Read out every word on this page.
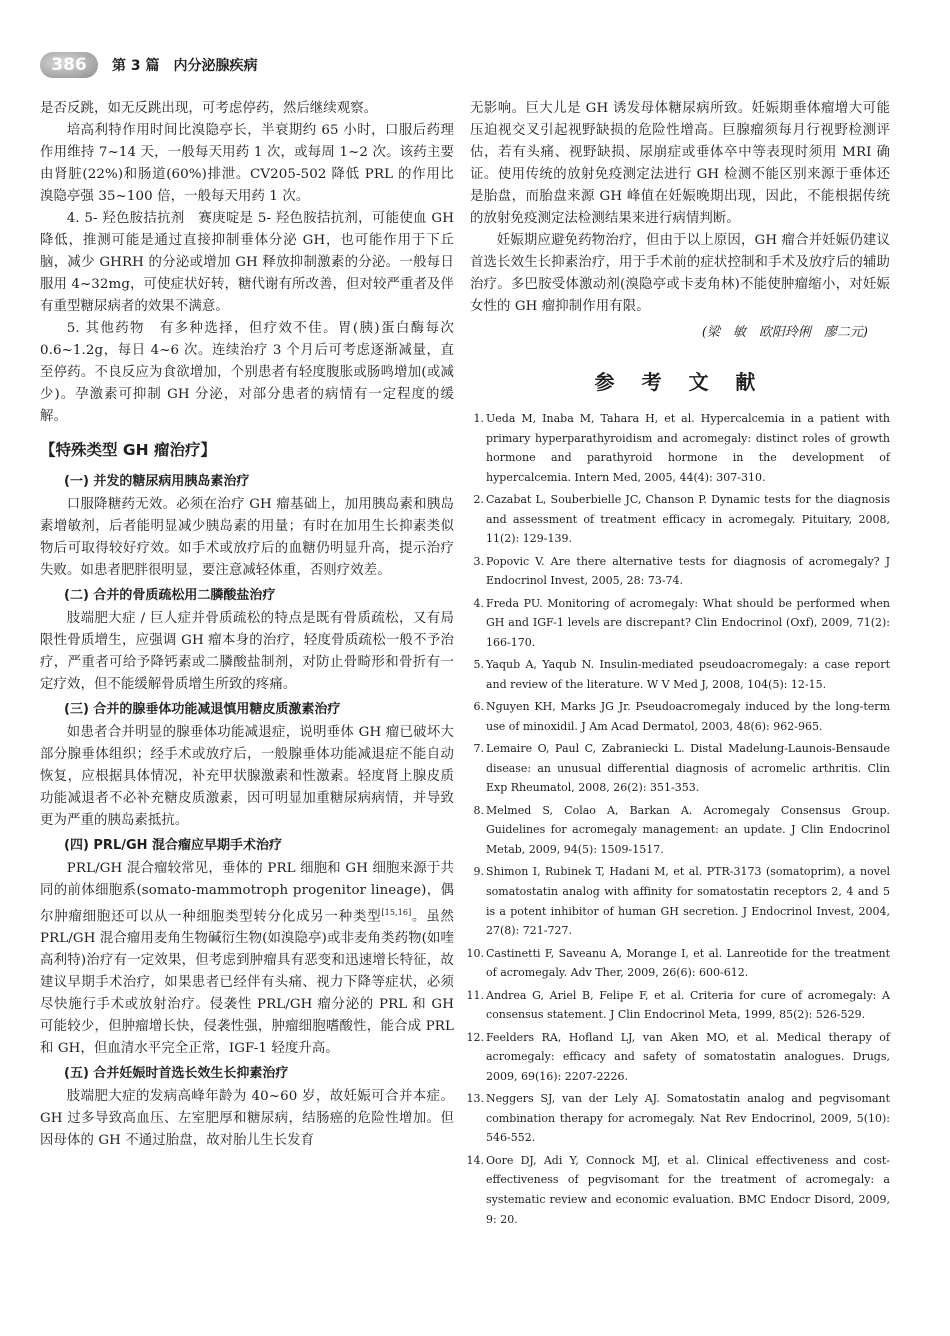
386	第 3 篇　内分泌腺疾病

是否反跳，如无反跳出现，可考虑停药，然后继续观察。

培高利特作用时间比溴隐亭长，半衰期约 65 小时，口服后药理作用维持 7~14 天，一般每天用药 1 次，或每周 1~2 次。该药主要由肾脏(22%)和肠道(60%)排泄。CV205-502 降低 PRL 的作用比溴隐亭强 35~100 倍，一般每天用药 1 次。

4. 5- 羟色胺拮抗剂　赛庚啶是 5- 羟色胺拮抗剂，可能使血 GH 降低，推测可能是通过直接抑制垂体分泌 GH，也可能作用于下丘脑，减少 GHRH 的分泌或增加 GH 释放抑制激素的分泌。一般每日服用 4~32mg，可使症状好转，糖代谢有所改善，但对较严重者及伴有重型糖尿病者的效果不满意。

5. 其他药物　有多种选择，但疗效不佳。胃(胰)蛋白酶每次 0.6~1.2g，每日 4~6 次。连续治疗 3 个月后可考虑逐渐减量，直至停药。不良反应为食欲增加，个别患者有轻度腹胀或肠鸣增加(或减少)。孕激素可抑制 GH 分泌，对部分患者的病情有一定程度的缓解。

【特殊类型 GH 瘤治疗】
(一) 并发的糖尿病用胰岛素治疗

口服降糖药无效。必须在治疗 GH 瘤基础上，加用胰岛素和胰岛素增敏剂，后者能明显减少胰岛素的用量；有时在加用生长抑素类似物后可取得较好疗效。如手术或放疗后的血糖仍明显升高，提示治疗失败。如患者肥胖很明显，要注意减轻体重，否则疗效差。

(二) 合并的骨质疏松用二膦酸盐治疗

肢端肥大症 / 巨人症并骨质疏松的特点是既有骨质疏松，又有局限性骨质增生，应强调 GH 瘤本身的治疗，轻度骨质疏松一般不予治疗，严重者可给予降钙素或二膦酸盐制剂，对防止骨畸形和骨折有一定疗效，但不能缓解骨质增生所致的疼痛。

(三) 合并的腺垂体功能减退慎用糖皮质激素治疗

如患者合并明显的腺垂体功能减退症，说明垂体 GH 瘤已破坏大部分腺垂体组织；经手术或放疗后，一般腺垂体功能减退症不能自动恢复，应根据具体情况，补充甲状腺激素和性激素。轻度肾上腺皮质功能减退者不必补充糖皮质激素，因可明显加重糖尿病病情，并导致更为严重的胰岛素抵抗。

(四) PRL/GH 混合瘤应早期手术治疗

PRL/GH 混合瘤较常见，垂体的 PRL 细胞和 GH 细胞来源于共同的前体细胞系(somato-mammotroph progenitor lineage)，偶尔肿瘤细胞还可以从一种细胞类型转分化成另一种类型[15,16]。虽然 PRL/GH 混合瘤用麦角生物碱衍生物(如溴隐亭)或非麦角类药物(如喹高利特)治疗有一定效果，但考虑到肿瘤具有恶变和迅速增长特征，故建议早期手术治疗，如果患者已经伴有头痛、视力下降等症状，必须尽快施行手术或放射治疗。侵袭性 PRL/GH 瘤分泌的 PRL 和 GH 可能较少，但肿瘤增长快，侵袭性强，肿瘤细胞嗜酸性，能合成 PRL 和 GH，但血清水平完全正常，IGF-1 轻度升高。

(五) 合并妊娠时首选长效生长抑素治疗

肢端肥大症的发病高峰年龄为 40~60 岁，故妊娠可合并本症。GH 过多导致高血压、左室肥厚和糖尿病，结肠癌的危险性增加。但因母体的 GH 不通过胎盘，故对胎儿生长发育

无影响。巨大儿是 GH 诱发母体糖尿病所致。妊娠期垂体瘤增大可能压迫视交叉引起视野缺损的危险性增高。巨腺瘤须每月行视野检测评估，若有头痛、视野缺损、尿崩症或垂体卒中等表现时须用 MRI 确证。使用传统的放射免疫测定法进行 GH 检测不能区别来源于垂体还是胎盘，而胎盘来源 GH 峰值在妊娠晚期出现，因此，不能根据传统的放射免疫测定法检测结果来进行病情判断。

妊娠期应避免药物治疗，但由于以上原因，GH 瘤合并妊娠仍建议首选长效生长抑素治疗，用于手术前的症状控制和手术及放疗后的辅助治疗。多巴胺受体激动剂(溴隐亭或卡麦角林)不能使肿瘤缩小，对妊娠女性的 GH 瘤抑制作用有限。

(梁　敏　欧阳玲俐　廖二元)
参 考 文 献
1. Ueda M, Inaba M, Tahara H, et al. Hypercalcemia in a patient with primary hyperparathyroidism and acromegaly: distinct roles of growth hormone and parathyroid hormone in the development of hypercalcemia. Intern Med, 2005, 44(4): 307-310.
2. Cazabat L, Souberbielle JC, Chanson P. Dynamic tests for the diagnosis and assessment of treatment efficacy in acromegaly. Pituitary, 2008, 11(2): 129-139.
3. Popovic V. Are there alternative tests for diagnosis of acromegaly? J Endocrinol Invest, 2005, 28: 73-74.
4. Freda PU. Monitoring of acromegaly: What should be performed when GH and IGF-1 levels are discrepant? Clin Endocrinol (Oxf), 2009, 71(2): 166-170.
5. Yaqub A, Yaqub N. Insulin-mediated pseudoacromegaly: a case report and review of the literature. W V Med J, 2008, 104(5): 12-15.
6. Nguyen KH, Marks JG Jr. Pseudoacromegaly induced by the long-term use of minoxidil. J Am Acad Dermatol, 2003, 48(6): 962-965.
7. Lemaire O, Paul C, Zabraniecki L. Distal Madelung-Launois-Bensaude disease: an unusual differential diagnosis of acromelic arthritis. Clin Exp Rheumatol, 2008, 26(2): 351-353.
8. Melmed S, Colao A, Barkan A. Acromegaly Consensus Group. Guidelines for acromegaly management: an update. J Clin Endocrinol Metab, 2009, 94(5): 1509-1517.
9. Shimon I, Rubinek T, Hadani M, et al. PTR-3173 (somatoprim), a novel somatostatin analog with affinity for somatostatin receptors 2, 4 and 5 is a potent inhibitor of human GH secretion. J Endocrinol Invest, 2004, 27(8): 721-727.
10. Castinetti F, Saveanu A, Morange I, et al. Lanreotide for the treatment of acromegaly. Adv Ther, 2009, 26(6): 600-612.
11. Andrea G, Ariel B, Felipe F, et al. Criteria for cure of acromegaly: A consensus statement. J Clin Endocrinol Meta, 1999, 85(2): 526-529.
12. Feelders RA, Hofland LJ, van Aken MO, et al. Medical therapy of acromegaly: efficacy and safety of somatostatin analogues. Drugs, 2009, 69(16): 2207-2226.
13. Neggers SJ, van der Lely AJ. Somatostatin analog and pegvisomant combination therapy for acromegaly. Nat Rev Endocrinol, 2009, 5(10): 546-552.
14. Oore DJ, Adi Y, Connock MJ, et al. Clinical effectiveness and cost-effectiveness of pegvisomant for the treatment of acromegaly: a systematic review and economic evaluation. BMC Endocr Disord, 2009, 9: 20.
